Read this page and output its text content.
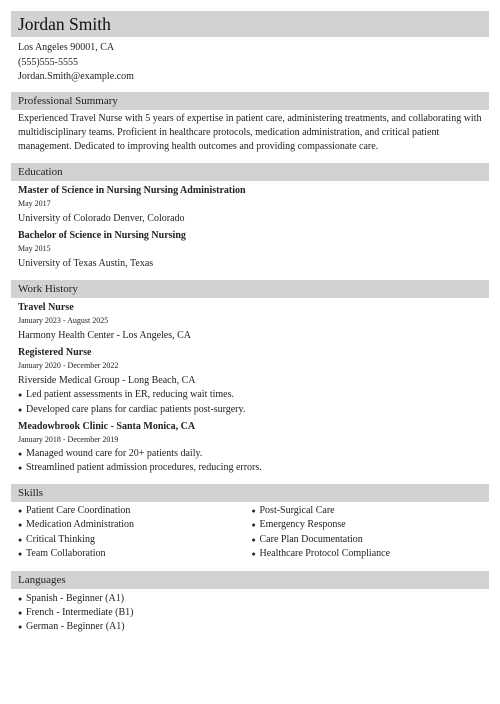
Jordan Smith
Los Angeles 90001, CA
(555)555-5555
Jordan.Smith@example.com
Professional Summary
Experienced Travel Nurse with 5 years of expertise in patient care, administering treatments, and collaborating with multidisciplinary teams. Proficient in healthcare protocols, medication administration, and critical patient management. Dedicated to improving health outcomes and providing compassionate care.
Education
Master of Science in Nursing Nursing Administration
May 2017
University of Colorado Denver, Colorado
Bachelor of Science in Nursing Nursing
May 2015
University of Texas Austin, Texas
Work History
Travel Nurse
January 2023 - August 2025
Harmony Health Center - Los Angeles, CA
Registered Nurse
January 2020 - December 2022
Riverside Medical Group - Long Beach, CA
● Led patient assessments in ER, reducing wait times.
● Developed care plans for cardiac patients post-surgery.
Meadowbrook Clinic - Santa Monica, CA
January 2018 - December 2019
● Managed wound care for 20+ patients daily.
● Streamlined patient admission procedures, reducing errors.
Skills
● Patient Care Coordination
● Medication Administration
● Critical Thinking
● Team Collaboration
● Post-Surgical Care
● Emergency Response
● Care Plan Documentation
● Healthcare Protocol Compliance
Languages
● Spanish - Beginner (A1)
● French - Intermediate (B1)
● German - Beginner (A1)
